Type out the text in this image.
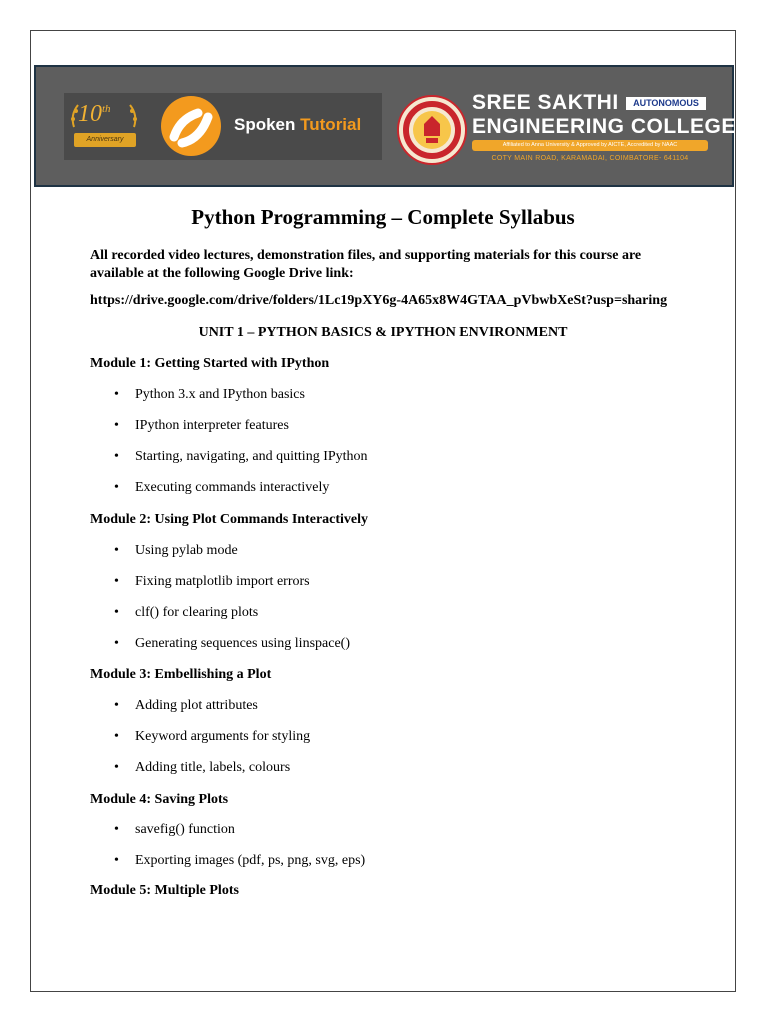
10th
Anniversary
Spoken Tutorial
SREE SAKTHI	AUTONOMOUS
ENGINEERING COLLEGE
Affiliated to Anna University & Approved by AICTE, Accredited by NAAC
COTY MAIN ROAD, KARAMADAI, COIMBATORE- 641104
Python Programming – Complete Syllabus
All recorded video lectures, demonstration files, and supporting materials for this course are available at the following Google Drive link:
https://drive.google.com/drive/folders/1Lc19pXY6g-4A65x8W4GTAA_pVbwbXeSt?usp=sharing
UNIT 1 – PYTHON BASICS & IPYTHON ENVIRONMENT
Module 1: Getting Started with IPython
• Python 3.x and IPython basics
• IPython interpreter features
• Starting, navigating, and quitting IPython
• Executing commands interactively
Module 2: Using Plot Commands Interactively
• Using pylab mode
• Fixing matplotlib import errors
• clf() for clearing plots
• Generating sequences using linspace()
Module 3: Embellishing a Plot
• Adding plot attributes
• Keyword arguments for styling
• Adding title, labels, colours
Module 4: Saving Plots
• savefig() function
• Exporting images (pdf, ps, png, svg, eps)
Module 5: Multiple Plots
